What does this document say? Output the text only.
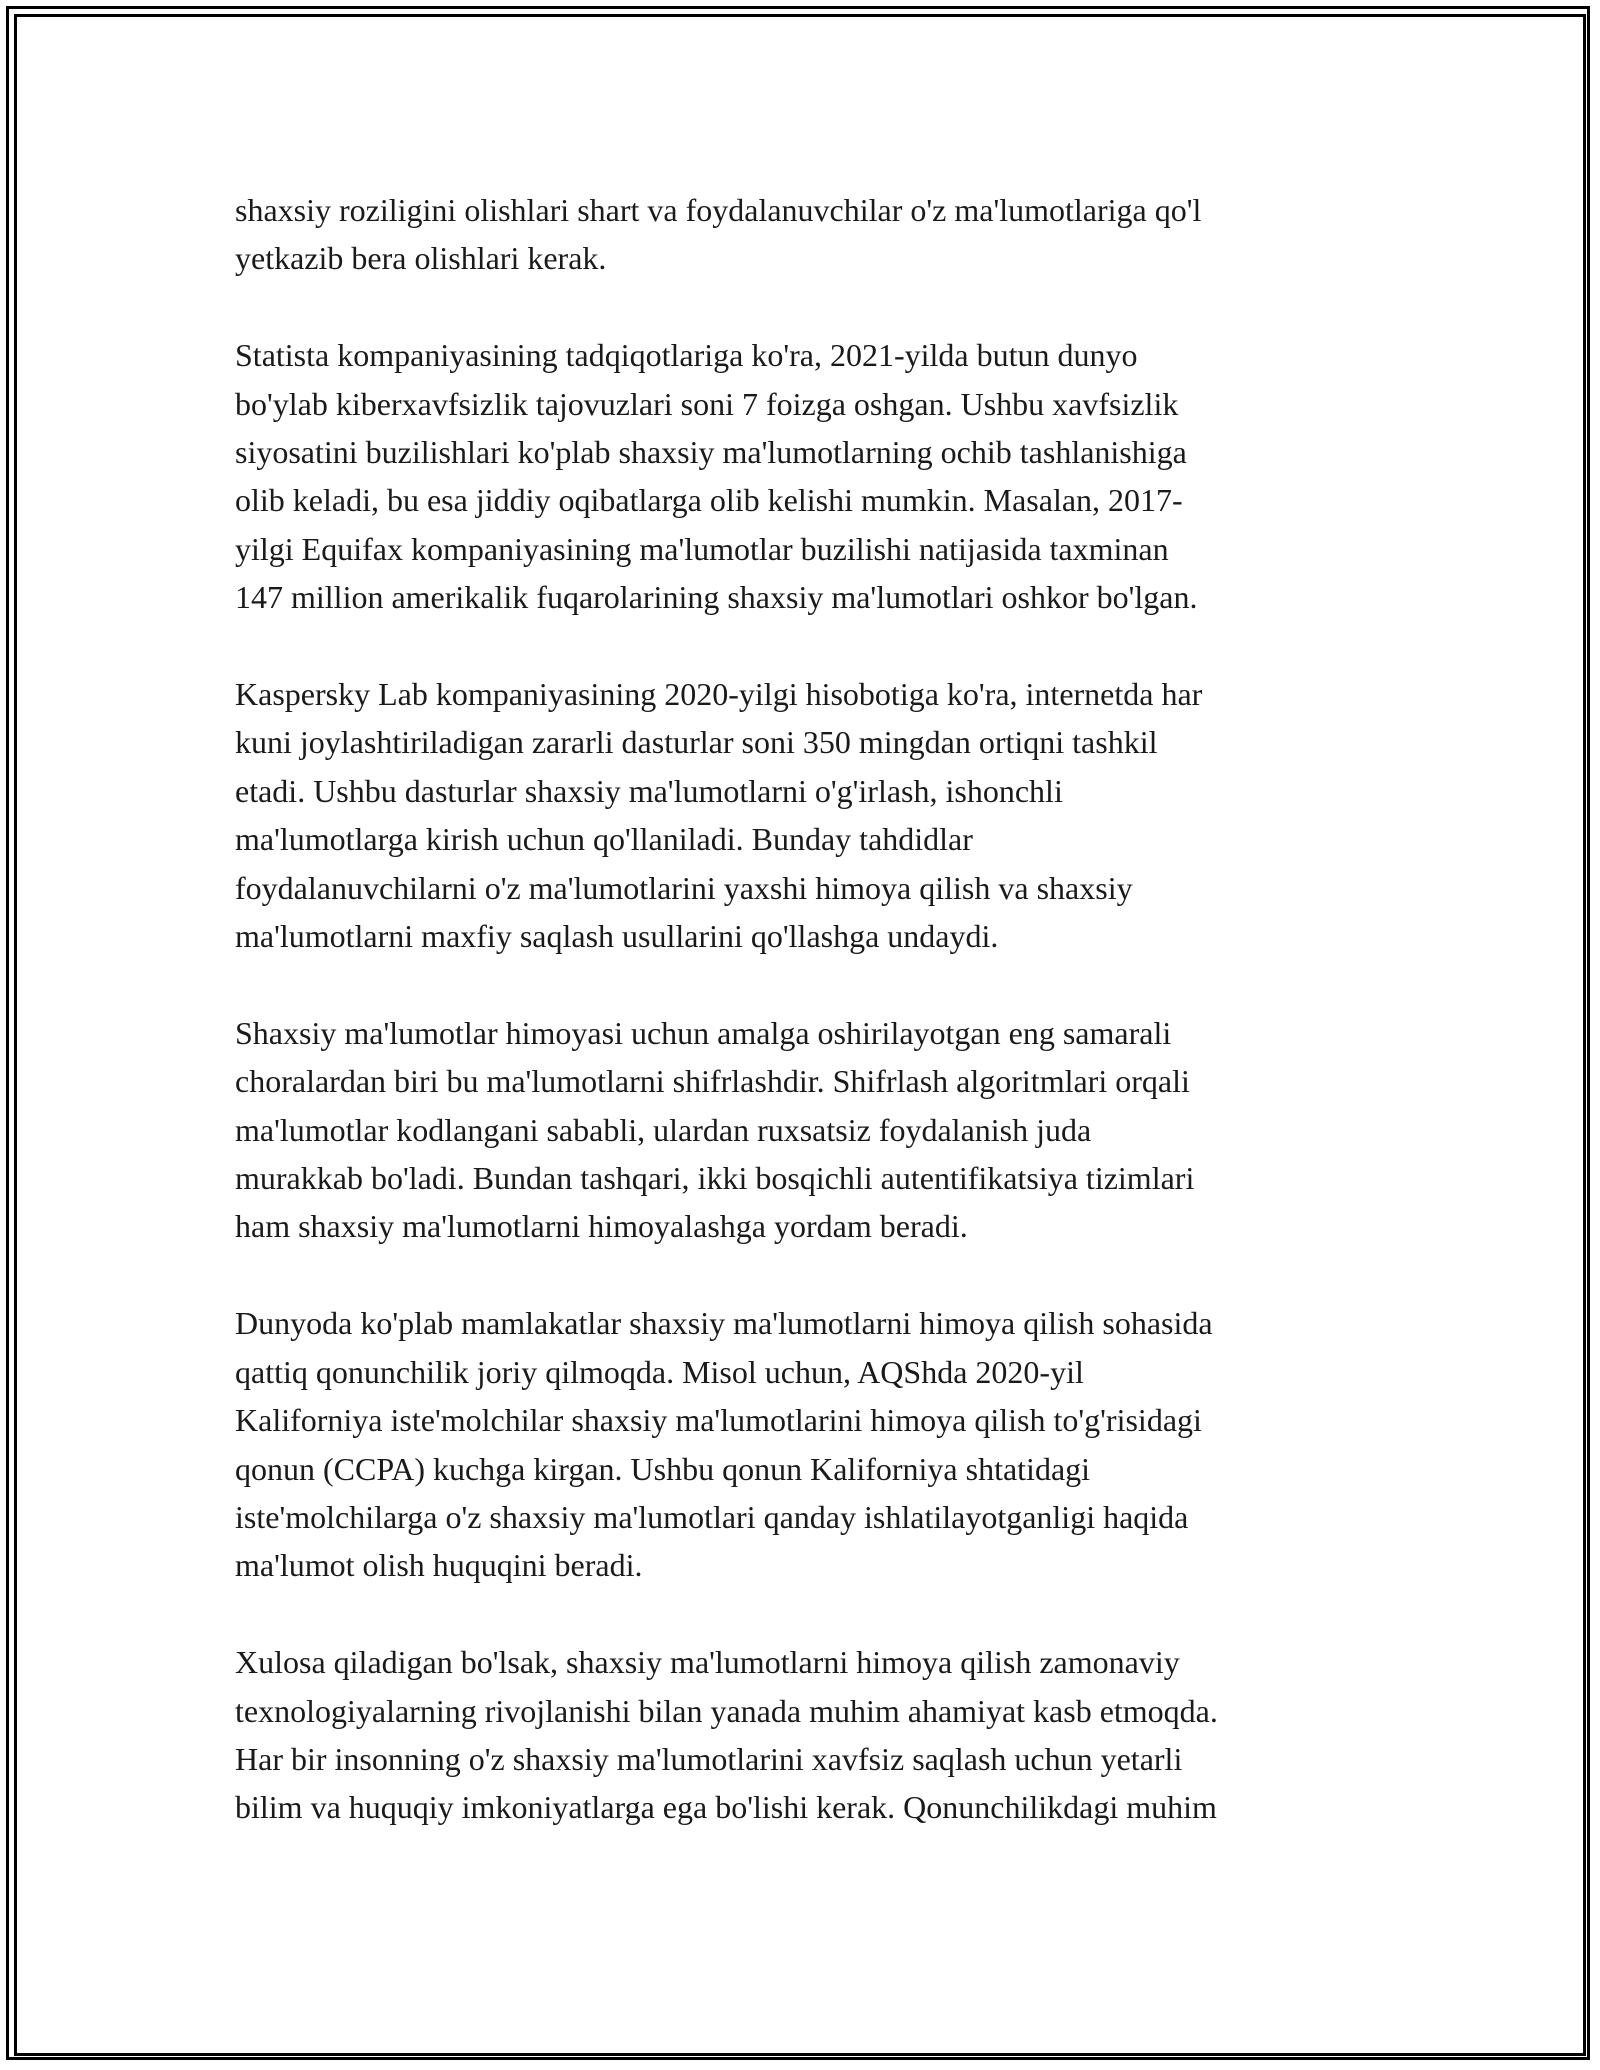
shaxsiy roziligini olishlari shart va foydalanuvchilar o'z ma'lumotlariga qo'l
yetkazib bera olishlari kerak.

Statista kompaniyasining tadqiqotlariga ko'ra, 2021-yilda butun dunyo
bo'ylab kiberxavfsizlik tajovuzlari soni 7 foizga oshgan. Ushbu xavfsizlik
siyosatini buzilishlari ko'plab shaxsiy ma'lumotlarning ochib tashlanishiga
olib keladi, bu esa jiddiy oqibatlarga olib kelishi mumkin. Masalan, 2017-
yilgi Equifax kompaniyasining ma'lumotlar buzilishi natijasida taxminan
147 million amerikalik fuqarolarining shaxsiy ma'lumotlari oshkor bo'lgan.

Kaspersky Lab kompaniyasining 2020-yilgi hisobotiga ko'ra, internetda har
kuni joylashtiriladigan zararli dasturlar soni 350 mingdan ortiqni tashkil
etadi. Ushbu dasturlar shaxsiy ma'lumotlarni o'g'irlash, ishonchli
ma'lumotlarga kirish uchun qo'llaniladi. Bunday tahdidlar
foydalanuvchilarni o'z ma'lumotlarini yaxshi himoya qilish va shaxsiy
ma'lumotlarni maxfiy saqlash usullarini qo'llashga undaydi.

Shaxsiy ma'lumotlar himoyasi uchun amalga oshirilayotgan eng samarali
choralardan biri bu ma'lumotlarni shifrlashdir. Shifrlash algoritmlari orqali
ma'lumotlar kodlangani sababli, ulardan ruxsatsiz foydalanish juda
murakkab bo'ladi. Bundan tashqari, ikki bosqichli autentifikatsiya tizimlari
ham shaxsiy ma'lumotlarni himoyalashga yordam beradi.

Dunyoda ko'plab mamlakatlar shaxsiy ma'lumotlarni himoya qilish sohasida
qattiq qonunchilik joriy qilmoqda. Misol uchun, AQShda 2020-yil
Kaliforniya iste'molchilar shaxsiy ma'lumotlarini himoya qilish to'g'risidagi
qonun (CCPA) kuchga kirgan. Ushbu qonun Kaliforniya shtatidagi
iste'molchilarga o'z shaxsiy ma'lumotlari qanday ishlatilayotganligi haqida
ma'lumot olish huquqini beradi.

Xulosa qiladigan bo'lsak, shaxsiy ma'lumotlarni himoya qilish zamonaviy
texnologiyalarning rivojlanishi bilan yanada muhim ahamiyat kasb etmoqda.
Har bir insonning o'z shaxsiy ma'lumotlarini xavfsiz saqlash uchun yetarli
bilim va huquqiy imkoniyatlarga ega bo'lishi kerak. Qonunchilikdagi muhim
